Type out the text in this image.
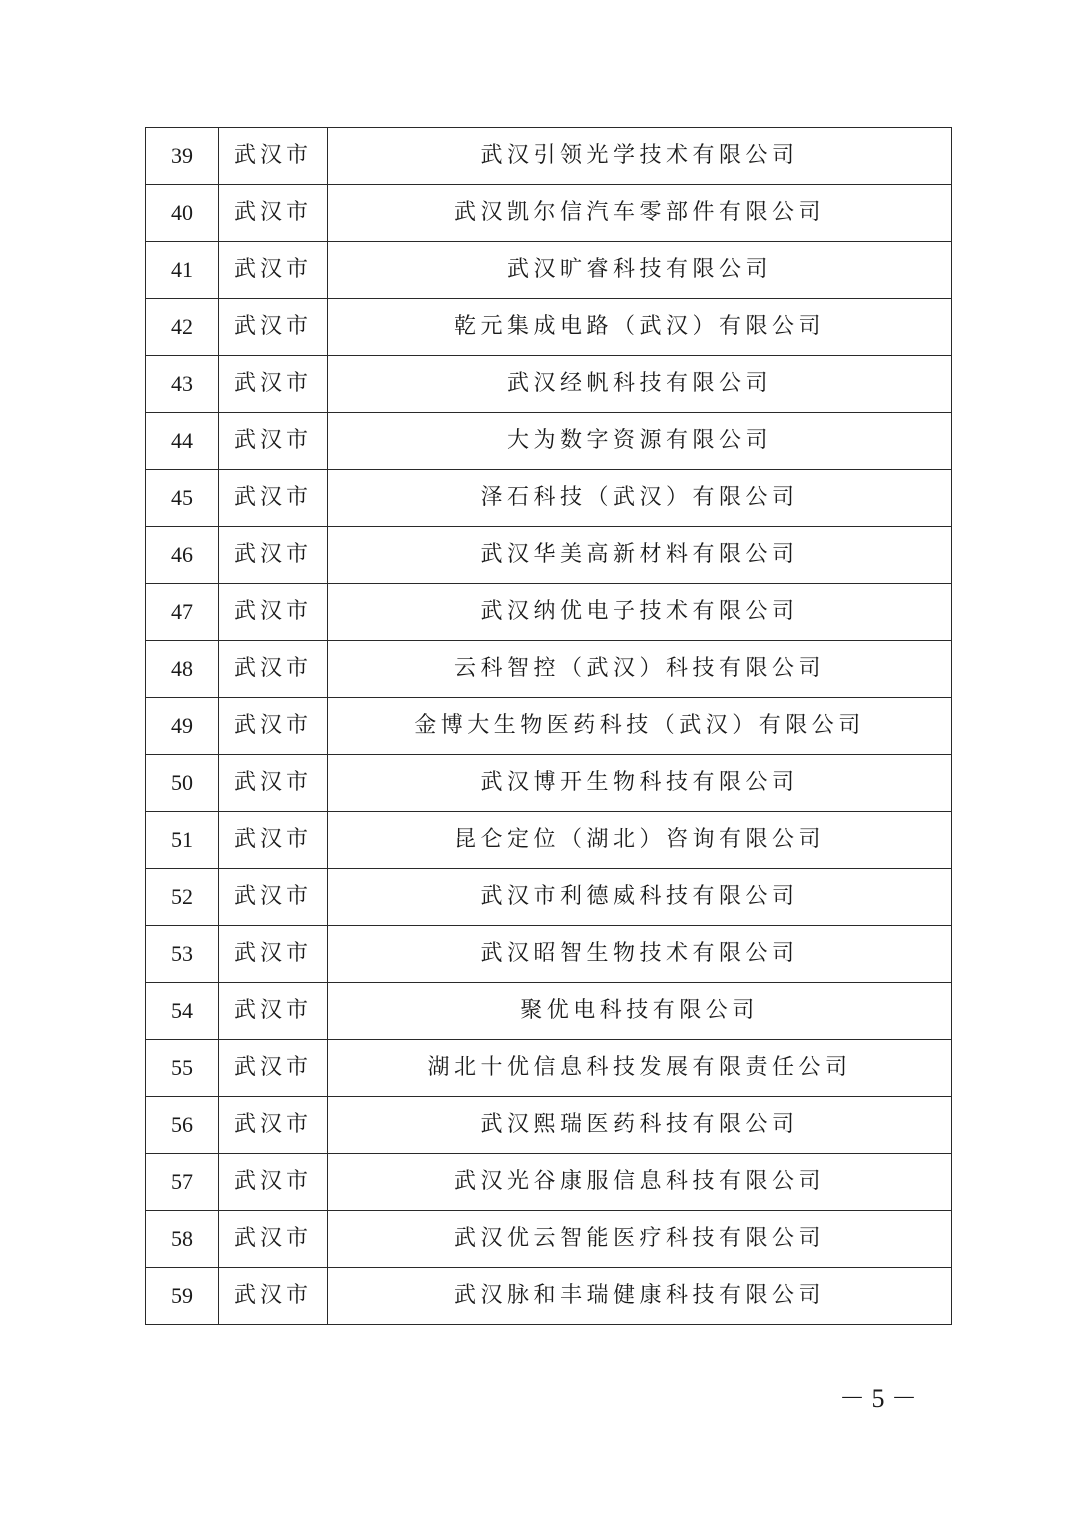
39	武汉市	武汉引领光学技术有限公司
40	武汉市	武汉凯尔信汽车零部件有限公司
41	武汉市	武汉旷睿科技有限公司
42	武汉市	乾元集成电路（武汉）有限公司
43	武汉市	武汉经帆科技有限公司
44	武汉市	大为数字资源有限公司
45	武汉市	泽石科技（武汉）有限公司
46	武汉市	武汉华美高新材料有限公司
47	武汉市	武汉纳优电子技术有限公司
48	武汉市	云科智控（武汉）科技有限公司
49	武汉市	金博大生物医药科技（武汉）有限公司
50	武汉市	武汉博开生物科技有限公司
51	武汉市	昆仑定位（湖北）咨询有限公司
52	武汉市	武汉市利德威科技有限公司
53	武汉市	武汉昭智生物技术有限公司
54	武汉市	聚优电科技有限公司
55	武汉市	湖北十优信息科技发展有限责任公司
56	武汉市	武汉熙瑞医药科技有限公司
57	武汉市	武汉光谷康服信息科技有限公司
58	武汉市	武汉优云智能医疗科技有限公司
59	武汉市	武汉脉和丰瑞健康科技有限公司
－ 5 －
